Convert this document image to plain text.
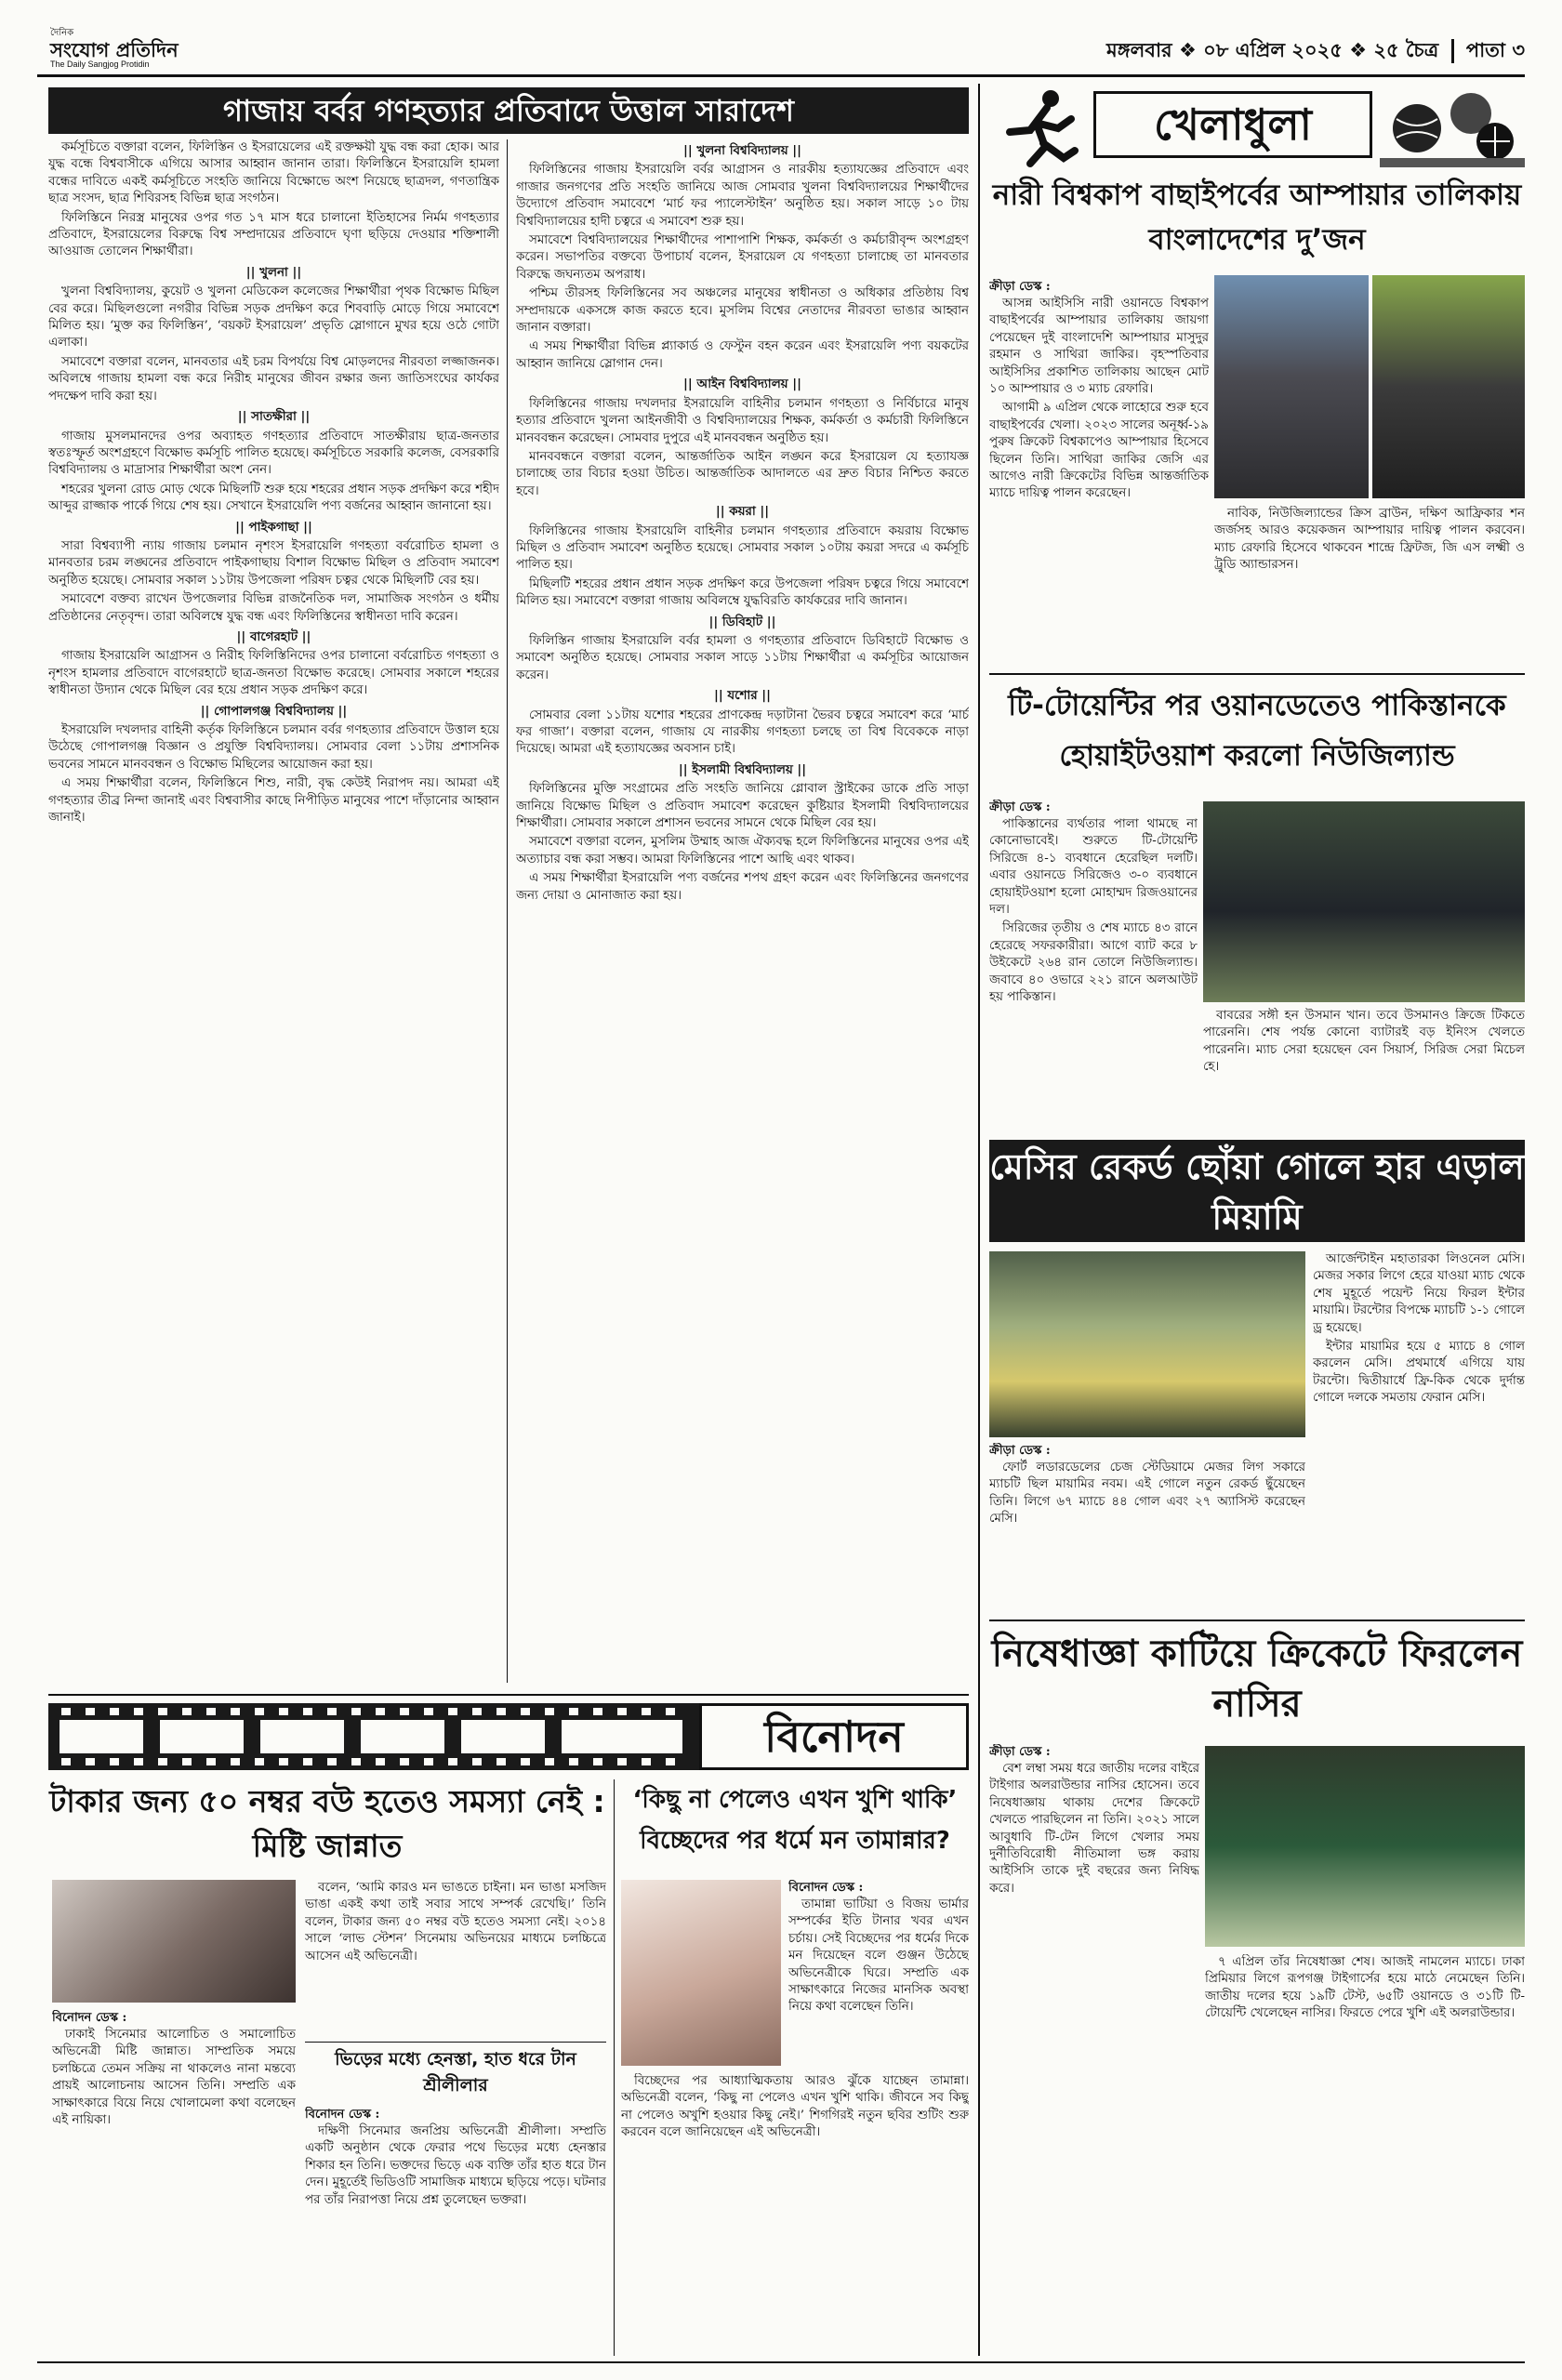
দৈনিক
সংযোগ প্রতিদিন
The Daily Sangjog Protidin
মঙ্গলবার ❖ ০৮ এপ্রিল ২০২৫ ❖ ২৫ চৈত্র পাতা ৩
গাজায় বর্বর গণহত্যার প্রতিবাদে উত্তাল সারাদেশ

কর্মসূচিতে বক্তারা বলেন, ফিলিস্তিন ও ইসরায়েলের এই রক্তক্ষয়ী যুদ্ধ বন্ধ করা হোক। আর যুদ্ধ বন্ধে বিশ্ববাসীকে এগিয়ে আসার আহ্বান জানান তারা। ফিলিস্তিনে ইসরায়েলি হামলা বন্ধের দাবিতে একই কর্মসূচিতে সংহতি জানিয়ে বিক্ষোভে অংশ নিয়েছে ছাত্রদল, গণতান্ত্রিক ছাত্র সংসদ, ছাত্র শিবিরসহ বিভিন্ন ছাত্র সংগঠন।

ফিলিস্তিনে নিরস্ত্র মানুষের ওপর গত ১৭ মাস ধরে চালানো ইতিহাসের নির্মম গণহত্যার প্রতিবাদে, ইসরায়েলের বিরুদ্ধে বিশ্ব সম্প্রদায়ের প্রতিবাদে ঘৃণা ছড়িয়ে দেওয়ার শক্তিশালী আওয়াজ তোলেন শিক্ষার্থীরা।

|| খুলনা ||

খুলনা বিশ্ববিদ্যালয়, কুয়েট ও খুলনা মেডিকেল কলেজের শিক্ষার্থীরা পৃথক বিক্ষোভ মিছিল বের করে। মিছিলগুলো নগরীর বিভিন্ন সড়ক প্রদক্ষিণ করে শিববাড়ি মোড়ে গিয়ে সমাবেশে মিলিত হয়। ‘মুক্ত কর ফিলিস্তিন’, ‘বয়কট ইসরায়েল’ প্রভৃতি স্লোগানে মুখর হয়ে ওঠে গোটা এলাকা।

সমাবেশে বক্তারা বলেন, মানবতার এই চরম বিপর্যয়ে বিশ্ব মোড়লদের নীরবতা লজ্জাজনক। অবিলম্বে গাজায় হামলা বন্ধ করে নিরীহ মানুষের জীবন রক্ষার জন্য জাতিসংঘের কার্যকর পদক্ষেপ দাবি করা হয়।

|| সাতক্ষীরা ||

গাজায় মুসলমানদের ওপর অব্যাহত গণহত্যার প্রতিবাদে সাতক্ষীরায় ছাত্র-জনতার স্বতঃস্ফূর্ত অংশগ্রহণে বিক্ষোভ কর্মসূচি পালিত হয়েছে। কর্মসূচিতে সরকারি কলেজ, বেসরকারি বিশ্ববিদ্যালয় ও মাদ্রাসার শিক্ষার্থীরা অংশ নেন।

শহরের খুলনা রোড মোড় থেকে মিছিলটি শুরু হয়ে শহরের প্রধান সড়ক প্রদক্ষিণ করে শহীদ আব্দুর রাজ্জাক পার্কে গিয়ে শেষ হয়। সেখানে ইসরায়েলি পণ্য বর্জনের আহ্বান জানানো হয়।

|| পাইকগাছা ||

সারা বিশ্বব্যাপী ন্যায় গাজায় চলমান নৃশংস ইসরায়েলি গণহত্যা বর্বরোচিত হামলা ও মানবতার চরম লঙ্ঘনের প্রতিবাদে পাইকগাছায় বিশাল বিক্ষোভ মিছিল ও প্রতিবাদ সমাবেশ অনুষ্ঠিত হয়েছে। সোমবার সকাল ১১টায় উপজেলা পরিষদ চত্বর থেকে মিছিলটি বের হয়।

সমাবেশে বক্তব্য রাখেন উপজেলার বিভিন্ন রাজনৈতিক দল, সামাজিক সংগঠন ও ধর্মীয় প্রতিষ্ঠানের নেতৃবৃন্দ। তারা অবিলম্বে যুদ্ধ বন্ধ এবং ফিলিস্তিনের স্বাধীনতা দাবি করেন।

|| বাগেরহাট ||

গাজায় ইসরায়েলি আগ্রাসন ও নিরীহ ফিলিস্তিনিদের ওপর চালানো বর্বরোচিত গণহত্যা ও নৃশংস হামলার প্রতিবাদে বাগেরহাটে ছাত্র-জনতা বিক্ষোভ করেছে। সোমবার সকালে শহরের স্বাধীনতা উদ্যান থেকে মিছিল বের হয়ে প্রধান সড়ক প্রদক্ষিণ করে।

|| গোপালগঞ্জ বিশ্ববিদ্যালয় ||

ইসরায়েলি দখলদার বাহিনী কর্তৃক ফিলিস্তিনে চলমান বর্বর গণহত্যার প্রতিবাদে উত্তাল হয়ে উঠেছে গোপালগঞ্জ বিজ্ঞান ও প্রযুক্তি বিশ্ববিদ্যালয়। সোমবার বেলা ১১টায় প্রশাসনিক ভবনের সামনে মানববন্ধন ও বিক্ষোভ মিছিলের আয়োজন করা হয়।

এ সময় শিক্ষার্থীরা বলেন, ফিলিস্তিনে শিশু, নারী, বৃদ্ধ কেউই নিরাপদ নয়। আমরা এই গণহত্যার তীব্র নিন্দা জানাই এবং বিশ্ববাসীর কাছে নিপীড়িত মানুষের পাশে দাঁড়ানোর আহ্বান জানাই।

|| খুলনা বিশ্ববিদ্যালয় ||

ফিলিস্তিনের গাজায় ইসরায়েলি বর্বর আগ্রাসন ও নারকীয় হত্যাযজ্ঞের প্রতিবাদে এবং গাজার জনগণের প্রতি সংহতি জানিয়ে আজ সোমবার খুলনা বিশ্ববিদ্যালয়ের শিক্ষার্থীদের উদ্যোগে প্রতিবাদ সমাবেশে ‘মার্চ ফর প্যালেস্টাইন’ অনুষ্ঠিত হয়। সকাল সাড়ে ১০ টায় বিশ্ববিদ্যালয়ের হাদী চত্বরে এ সমাবেশ শুরু হয়।

সমাবেশে বিশ্ববিদ্যালয়ের শিক্ষার্থীদের পাশাপাশি শিক্ষক, কর্মকর্তা ও কর্মচারীবৃন্দ অংশগ্রহণ করেন। সভাপতির বক্তব্যে উপাচার্য বলেন, ইসরায়েল যে গণহত্যা চালাচ্ছে তা মানবতার বিরুদ্ধে জঘন্যতম অপরাধ।

পশ্চিম তীরসহ ফিলিস্তিনের সব অঞ্চলের মানুষের স্বাধীনতা ও অধিকার প্রতিষ্ঠায় বিশ্ব সম্প্রদায়কে একসঙ্গে কাজ করতে হবে। মুসলিম বিশ্বের নেতাদের নীরবতা ভাঙার আহ্বান জানান বক্তারা।

এ সময় শিক্ষার্থীরা বিভিন্ন প্ল্যাকার্ড ও ফেস্টুন বহন করেন এবং ইসরায়েলি পণ্য বয়কটের আহ্বান জানিয়ে স্লোগান দেন।

|| আইন বিশ্ববিদ্যালয় ||

ফিলিস্তিনের গাজায় দখলদার ইসরায়েলি বাহিনীর চলমান গণহত্যা ও নির্বিচারে মানুষ হত্যার প্রতিবাদে খুলনা আইনজীবী ও বিশ্ববিদ্যালয়ের শিক্ষক, কর্মকর্তা ও কর্মচারী ফিলিস্তিনে মানববন্ধন করেছেন। সোমবার দুপুরে এই মানববন্ধন অনুষ্ঠিত হয়।

মানববন্ধনে বক্তারা বলেন, আন্তর্জাতিক আইন লঙ্ঘন করে ইসরায়েল যে হত্যাযজ্ঞ চালাচ্ছে তার বিচার হওয়া উচিত। আন্তর্জাতিক আদালতে এর দ্রুত বিচার নিশ্চিত করতে হবে।

|| কয়রা ||

ফিলিস্তিনের গাজায় ইসরায়েলি বাহিনীর চলমান গণহত্যার প্রতিবাদে কয়রায় বিক্ষোভ মিছিল ও প্রতিবাদ সমাবেশ অনুষ্ঠিত হয়েছে। সোমবার সকাল ১০টায় কয়রা সদরে এ কর্মসূচি পালিত হয়।

মিছিলটি শহরের প্রধান প্রধান সড়ক প্রদক্ষিণ করে উপজেলা পরিষদ চত্বরে গিয়ে সমাবেশে মিলিত হয়। সমাবেশে বক্তারা গাজায় অবিলম্বে যুদ্ধবিরতি কার্যকরের দাবি জানান।

|| ডিবিহাট ||

ফিলিস্তিন গাজায় ইসরায়েলি বর্বর হামলা ও গণহত্যার প্রতিবাদে ডিবিহাটে বিক্ষোভ ও সমাবেশ অনুষ্ঠিত হয়েছে। সোমবার সকাল সাড়ে ১১টায় শিক্ষার্থীরা এ কর্মসূচির আয়োজন করেন।

|| যশোর ||

সোমবার বেলা ১১টায় যশোর শহরের প্রাণকেন্দ্র দড়াটানা ভৈরব চত্বরে সমাবেশ করে ‘মার্চ ফর গাজা’। বক্তারা বলেন, গাজায় যে নারকীয় গণহত্যা চলছে তা বিশ্ব বিবেককে নাড়া দিয়েছে। আমরা এই হত্যাযজ্ঞের অবসান চাই।

|| ইসলামী বিশ্ববিদ্যালয় ||

ফিলিস্তিনের মুক্তি সংগ্রামের প্রতি সংহতি জানিয়ে গ্লোবাল স্ট্রাইকের ডাকে প্রতি সাড়া জানিয়ে বিক্ষোভ মিছিল ও প্রতিবাদ সমাবেশ করেছেন কুষ্টিয়ার ইসলামী বিশ্ববিদ্যালয়ের শিক্ষার্থীরা। সোমবার সকালে প্রশাসন ভবনের সামনে থেকে মিছিল বের হয়।

সমাবেশে বক্তারা বলেন, মুসলিম উম্মাহ আজ ঐক্যবদ্ধ হলে ফিলিস্তিনের মানুষের ওপর এই অত্যাচার বন্ধ করা সম্ভব। আমরা ফিলিস্তিনের পাশে আছি এবং থাকব।

এ সময় শিক্ষার্থীরা ইসরায়েলি পণ্য বর্জনের শপথ গ্রহণ করেন এবং ফিলিস্তিনের জনগণের জন্য দোয়া ও মোনাজাত করা হয়।

বিনোদন
টাকার জন্য ৫০ নম্বর বউ হতেও সমস্যা নেই : মিষ্টি জান্নাত
‘কিছু না পেলেও এখন খুশি থাকি’ বিচ্ছেদের পর ধর্মে মন তামান্নার?

বলেন, ‘আমি কারও মন ভাঙতে চাইনা। মন ভাঙা মসজিদ ভাঙা একই কথা তাই সবার সাথে সম্পর্ক রেখেছি।’ তিনি বলেন, টাকার জন্য ৫০ নম্বর বউ হতেও সমস্যা নেই। ২০১৪ সালে ‘লাভ স্টেশন’ সিনেমায় অভিনয়ের মাধ্যমে চলচ্চিত্রে আসেন এই অভিনেত্রী।

বিনোদন ডেস্ক :

ঢাকাই সিনেমার আলোচিত ও সমালোচিত অভিনেত্রী মিষ্টি জান্নাত। সাম্প্রতিক সময়ে চলচ্চিত্রে তেমন সক্রিয় না থাকলেও নানা মন্তব্যে প্রায়ই আলোচনায় আসেন তিনি। সম্প্রতি এক সাক্ষাৎকারে বিয়ে নিয়ে খোলামেলা কথা বলেছেন এই নায়িকা।

ভিড়ের মধ্যে হেনস্তা, হাত ধরে টান শ্রীলীলার
বিনোদন ডেস্ক :

দক্ষিণী সিনেমার জনপ্রিয় অভিনেত্রী শ্রীলীলা। সম্প্রতি একটি অনুষ্ঠান থেকে ফেরার পথে ভিড়ের মধ্যে হেনস্তার শিকার হন তিনি। ভক্তদের ভিড়ে এক ব্যক্তি তাঁর হাত ধরে টান দেন। মুহূর্তেই ভিডিওটি সামাজিক মাধ্যমে ছড়িয়ে পড়ে। ঘটনার পর তাঁর নিরাপত্তা নিয়ে প্রশ্ন তুলেছেন ভক্তরা।

বিনোদন ডেস্ক :

তামান্না ভাটিয়া ও বিজয় ভার্মার সম্পর্কের ইতি টানার খবর এখন চর্চায়। সেই বিচ্ছেদের পর ধর্মের দিকে মন দিয়েছেন বলে গুঞ্জন উঠেছে অভিনেত্রীকে ঘিরে। সম্প্রতি এক সাক্ষাৎকারে নিজের মানসিক অবস্থা নিয়ে কথা বলেছেন তিনি।

বিচ্ছেদের পর আধ্যাত্মিকতায় আরও ঝুঁকে যাচ্ছেন তামান্না। অভিনেত্রী বলেন, ‘কিছু না পেলেও এখন খুশি থাকি। জীবনে সব কিছু না পেলেও অখুশি হওয়ার কিছু নেই।’ শিগগিরই নতুন ছবির শুটিং শুরু করবেন বলে জানিয়েছেন এই অভিনেত্রী।

খেলাধুলা
নারী বিশ্বকাপ বাছাইপর্বের আম্পায়ার তালিকায় বাংলাদেশের দু’জন
ক্রীড়া ডেস্ক :

আসন্ন আইসিসি নারী ওয়ানডে বিশ্বকাপ বাছাইপর্বের আম্পায়ার তালিকায় জায়গা পেয়েছেন দুই বাংলাদেশি আম্পায়ার মাসুদুর রহমান ও সাথিরা জাকির। বৃহস্পতিবার আইসিসির প্রকাশিত তালিকায় আছেন মোট ১০ আম্পায়ার ও ৩ ম্যাচ রেফারি।

আগামী ৯ এপ্রিল থেকে লাহোরে শুরু হবে বাছাইপর্বের খেলা। ২০২৩ সালের অনূর্ধ্ব-১৯ পুরুষ ক্রিকেট বিশ্বকাপেও আম্পায়ার হিসেবে ছিলেন তিনি। সাথিরা জাকির জেসি এর আগেও নারী ক্রিকেটের বিভিন্ন আন্তর্জাতিক ম্যাচে দায়িত্ব পালন করেছেন।

নাবিক, নিউজিল্যান্ডের ক্রিস ব্রাউন, দক্ষিণ আফ্রিকার শন জর্জসহ আরও কয়েকজন আম্পায়ার দায়িত্ব পালন করবেন। ম্যাচ রেফারি হিসেবে থাকবেন শান্দ্রে ফ্রিটজ, জি এস লক্ষ্মী ও ট্রুডি অ্যান্ডারসন।

টি-টোয়েন্টির পর ওয়ানডেতেও পাকিস্তানকে হোয়াইটওয়াশ করলো নিউজিল্যান্ড
ক্রীড়া ডেস্ক :

পাকিস্তানের ব্যর্থতার পালা থামছে না কোনোভাবেই। শুরুতে টি-টোয়েন্টি সিরিজে ৪-১ ব্যবধানে হেরেছিল দলটি। এবার ওয়ানডে সিরিজেও ৩-০ ব্যবধানে হোয়াইটওয়াশ হলো মোহাম্মদ রিজওয়ানের দল।

সিরিজের তৃতীয় ও শেষ ম্যাচে ৪৩ রানে হেরেছে সফরকারীরা। আগে ব্যাট করে ৮ উইকেটে ২৬৪ রান তোলে নিউজিল্যান্ড। জবাবে ৪০ ওভারে ২২১ রানে অলআউট হয় পাকিস্তান।

বাবরের সঙ্গী হন উসমান খান। তবে উসমানও ক্রিজে টিকতে পারেননি। শেষ পর্যন্ত কোনো ব্যাটারই বড় ইনিংস খেলতে পারেননি। ম্যাচ সেরা হয়েছেন বেন সিয়ার্স, সিরিজ সেরা মিচেল হে।

মেসির রেকর্ড ছোঁয়া গোলে হার এড়াল মিয়ামি

আর্জেন্টাইন মহাতারকা লিওনেল মেসি। মেজর সকার লিগে হেরে যাওয়া ম্যাচ থেকে শেষ মুহূর্তে পয়েন্ট নিয়ে ফিরল ইন্টার মায়ামি। টরন্টোর বিপক্ষে ম্যাচটি ১-১ গোলে ড্র হয়েছে।

ইন্টার মায়ামির হয়ে ৫ ম্যাচে ৪ গোল করলেন মেসি। প্রথমার্ধে এগিয়ে যায় টরন্টো। দ্বিতীয়ার্ধে ফ্রি-কিক থেকে দুর্দান্ত গোলে দলকে সমতায় ফেরান মেসি।

ক্রীড়া ডেস্ক :

ফোর্ট লডারডেলের চেজ স্টেডিয়ামে মেজর লিগ সকারে ম্যাচটি ছিল মায়ামির নবম। এই গোলে নতুন রেকর্ড ছুঁয়েছেন তিনি। লিগে ৬৭ ম্যাচে ৪৪ গোল এবং ২৭ অ্যাসিস্ট করেছেন মেসি।

নিষেধাজ্ঞা কাটিয়ে ক্রিকেটে ফিরলেন নাসির
ক্রীড়া ডেস্ক :

বেশ লম্বা সময় ধরে জাতীয় দলের বাইরে টাইগার অলরাউন্ডার নাসির হোসেন। তবে নিষেধাজ্ঞায় থাকায় দেশের ক্রিকেটে খেলতে পারছিলেন না তিনি। ২০২১ সালে আবুধাবি টি-টেন লিগে খেলার সময় দুর্নীতিবিরোধী নীতিমালা ভঙ্গ করায় আইসিসি তাকে দুই বছরের জন্য নিষিদ্ধ করে।

৭ এপ্রিল তাঁর নিষেধাজ্ঞা শেষ। আজই নামলেন ম্যাচে। ঢাকা প্রিমিয়ার লিগে রূপগঞ্জ টাইগার্সের হয়ে মাঠে নেমেছেন তিনি। জাতীয় দলের হয়ে ১৯টি টেস্ট, ৬৫টি ওয়ানডে ও ৩১টি টি-টোয়েন্টি খেলেছেন নাসির। ফিরতে পেরে খুশি এই অলরাউন্ডার।
